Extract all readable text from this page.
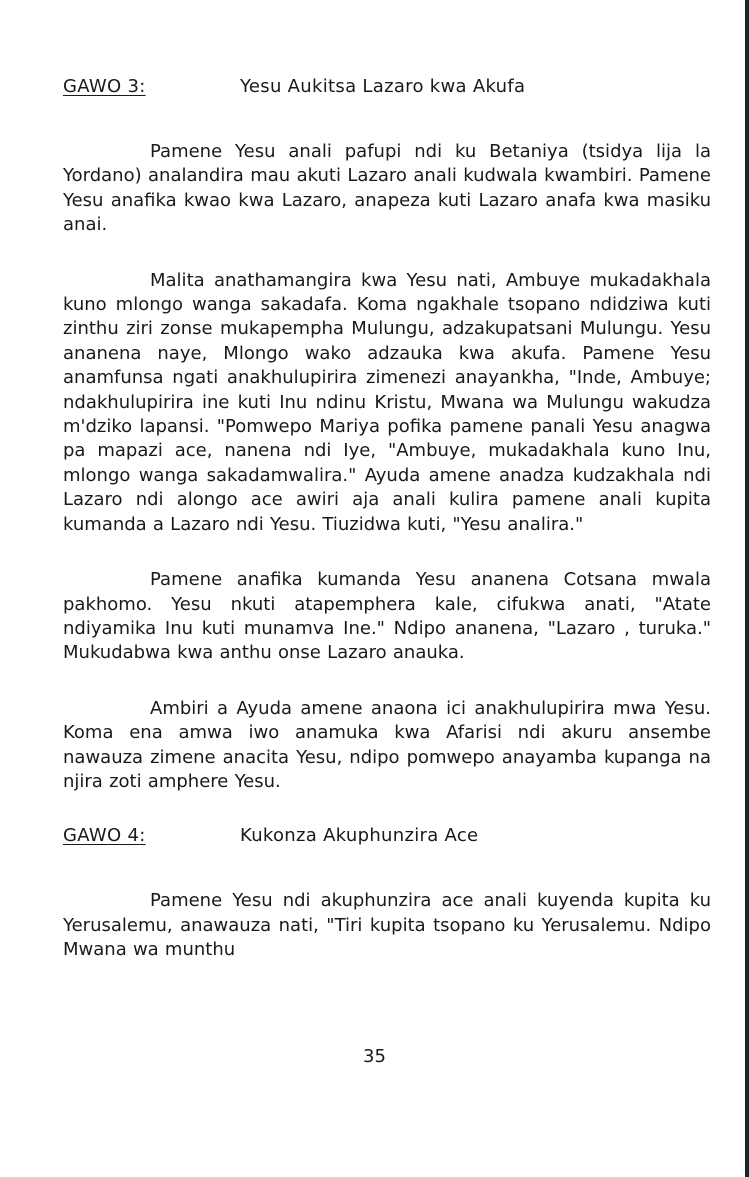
GAWO 3:	Yesu Aukitsa Lazaro kwa Akufa

Pamene Yesu anali pafupi ndi ku Betaniya (tsidya lija la Yordano) analandira mau akuti Lazaro anali kudwala kwambiri. Pamene Yesu anafika kwao kwa Lazaro, anapeza kuti Lazaro anafa kwa masiku anai.

Malita anathamangira kwa Yesu nati, Ambuye mukadakhala kuno mlongo wanga sakadafa. Koma ngakhale tsopano ndidziwa kuti zinthu ziri zonse mukapempha Mulungu, adzakupatsani Mulungu. Yesu ananena naye, Mlongo wako adzauka kwa akufa. Pamene Yesu anamfunsa ngati anakhulupirira zimenezi anayankha, "Inde, Ambuye; ndakhulupirira ine kuti Inu ndinu Kristu, Mwana wa Mulungu wakudza m'dziko lapansi. "Pomwepo Mariya pofika pamene panali Yesu anagwa pa mapazi ace, nanena ndi Iye, "Ambuye, mukadakhala kuno Inu, mlongo wanga sakadamwalira." Ayuda amene anadza kudzakhala ndi Lazaro ndi alongo ace awiri aja anali kulira pamene anali kupita kumanda a Lazaro ndi Yesu. Tiuzidwa kuti, "Yesu analira."

Pamene anafika kumanda Yesu ananena Cotsana mwala pakhomo. Yesu nkuti atapemphera kale, cifukwa anati, "Atate ndiyamika Inu kuti munamva Ine." Ndipo ananena, "Lazaro , turuka." Mukudabwa kwa anthu onse Lazaro anauka.

Ambiri a Ayuda amene anaona ici anakhulupirira mwa Yesu. Koma ena amwa iwo anamuka kwa Afarisi ndi akuru ansembe nawauza zimene anacita Yesu, ndipo pomwepo anayamba kupanga na njira zoti amphere Yesu.

GAWO 4:	Kukonza Akuphunzira Ace

Pamene Yesu ndi akuphunzira ace anali kuyenda kupita ku Yerusalemu, anawauza nati, "Tiri kupita tsopano ku Yerusalemu. Ndipo Mwana wa munthu

35
